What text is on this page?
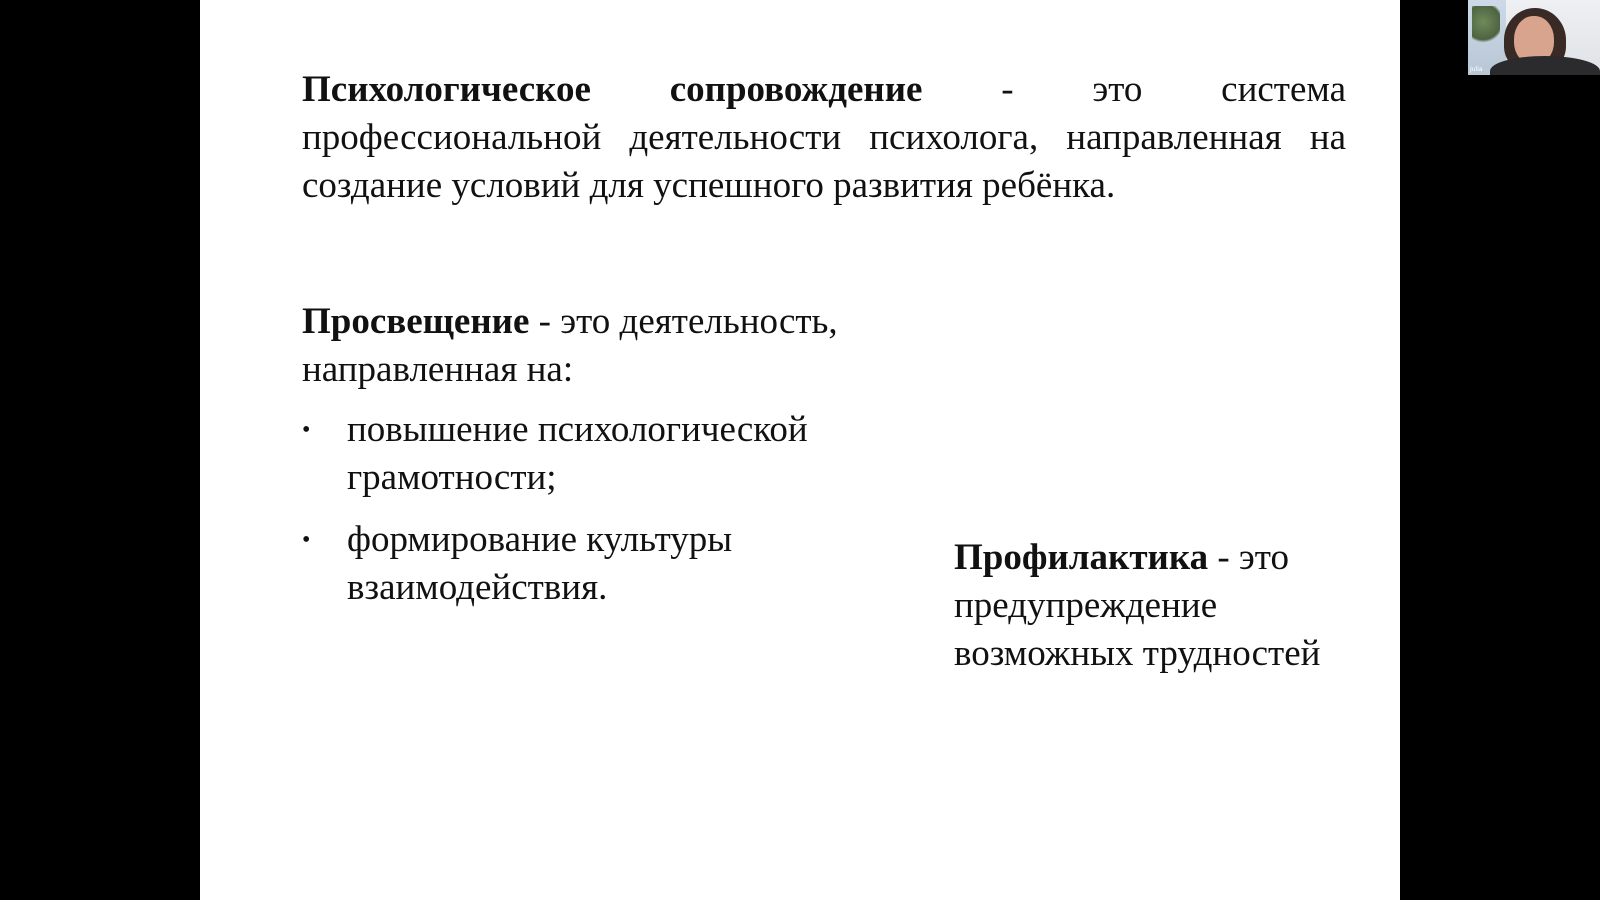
Психологическое сопровождение - это система профессиональной деятельности психолога, направленная на создание условий для успешного развития ребёнка.

Просвещение - это деятельность, направленная на:
• повышение психологической грамотности;
• формирование культуры взаимодействия.
Профилактика - это предупреждение возможных трудностей
Julia
